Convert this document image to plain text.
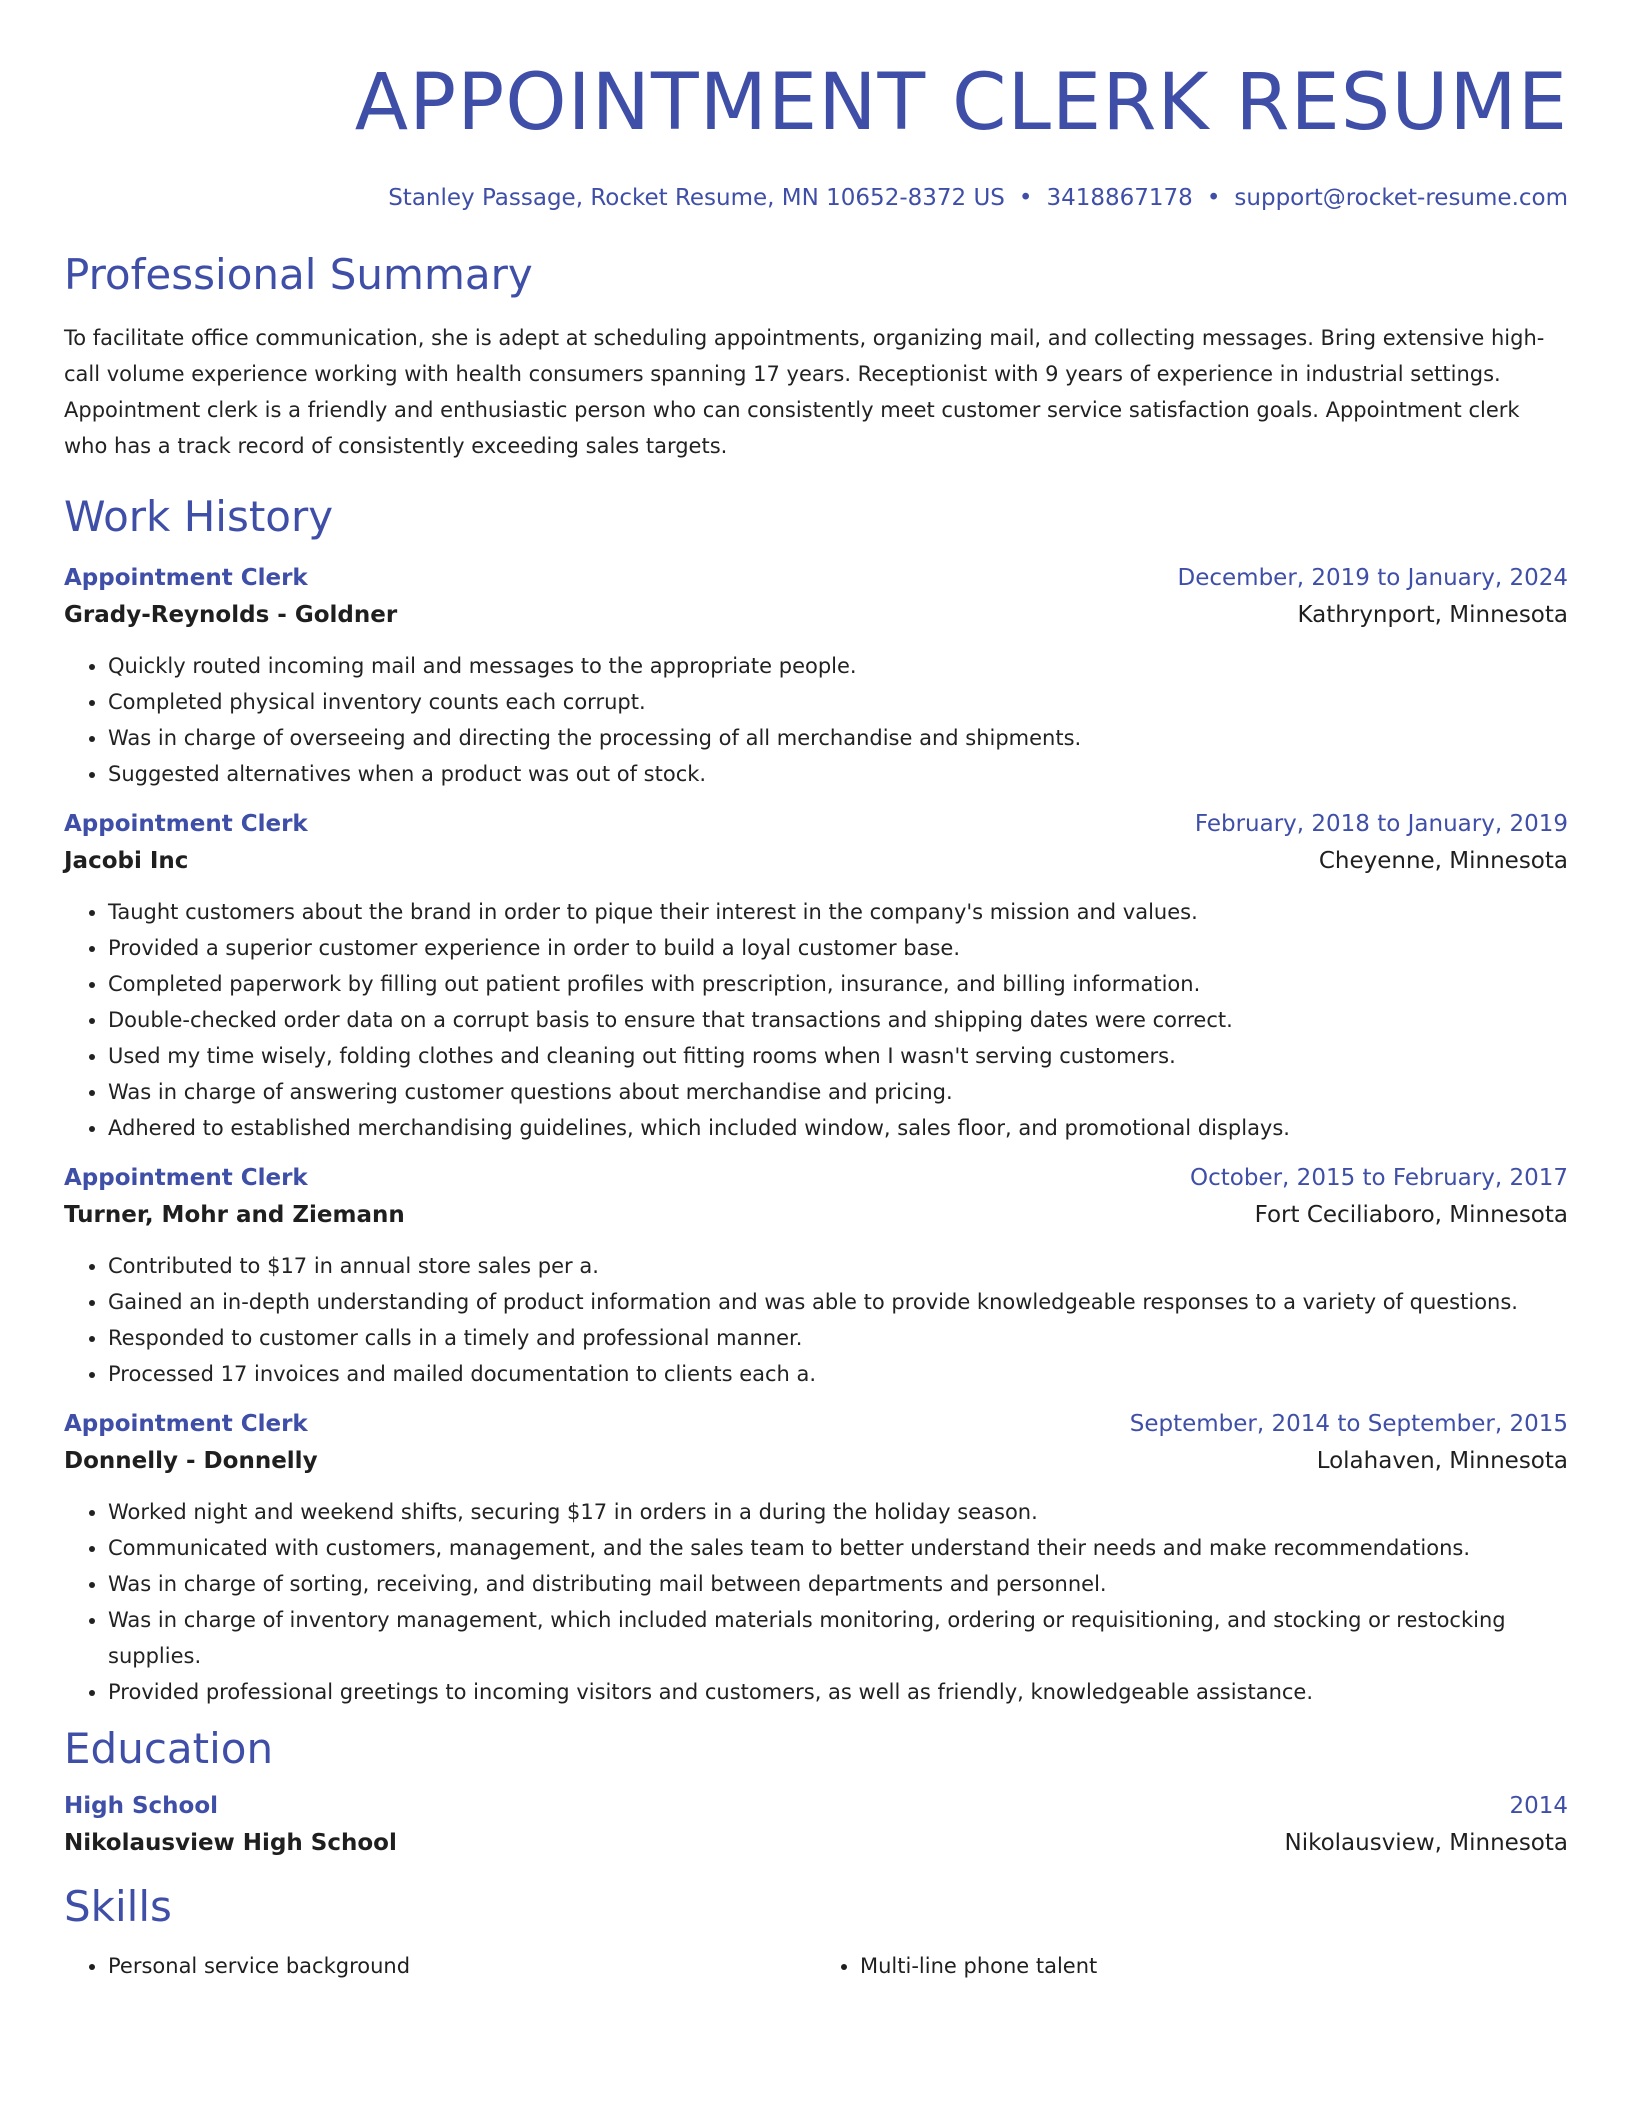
APPOINTMENT CLERK RESUME
Stanley Passage, Rocket Resume, MN 10652-8372 US • 3418867178 • support@rocket-resume.com
Professional Summary

To facilitate office communication, she is adept at scheduling appointments, organizing mail, and collecting messages. Bring extensive high-call volume experience working with health consumers spanning 17 years. Receptionist with 9 years of experience in industrial settings. Appointment clerk is a friendly and enthusiastic person who can consistently meet customer service satisfaction goals. Appointment clerk who has a track record of consistently exceeding sales targets.

Work History
Appointment Clerk	December, 2019 to January, 2024
Grady-Reynolds - Goldner	Kathrynport, Minnesota
• Quickly routed incoming mail and messages to the appropriate people.
• Completed physical inventory counts each corrupt.
• Was in charge of overseeing and directing the processing of all merchandise and shipments.
• Suggested alternatives when a product was out of stock.
Appointment Clerk	February, 2018 to January, 2019
Jacobi Inc	Cheyenne, Minnesota
• Taught customers about the brand in order to pique their interest in the company's mission and values.
• Provided a superior customer experience in order to build a loyal customer base.
• Completed paperwork by filling out patient profiles with prescription, insurance, and billing information.
• Double-checked order data on a corrupt basis to ensure that transactions and shipping dates were correct.
• Used my time wisely, folding clothes and cleaning out fitting rooms when I wasn't serving customers.
• Was in charge of answering customer questions about merchandise and pricing.
• Adhered to established merchandising guidelines, which included window, sales floor, and promotional displays.
Appointment Clerk	October, 2015 to February, 2017
Turner, Mohr and Ziemann	Fort Ceciliaboro, Minnesota
• Contributed to $17 in annual store sales per a.
• Gained an in-depth understanding of product information and was able to provide knowledgeable responses to a variety of questions.
• Responded to customer calls in a timely and professional manner.
• Processed 17 invoices and mailed documentation to clients each a.
Appointment Clerk	September, 2014 to September, 2015
Donnelly - Donnelly	Lolahaven, Minnesota
• Worked night and weekend shifts, securing $17 in orders in a during the holiday season.
• Communicated with customers, management, and the sales team to better understand their needs and make recommendations.
• Was in charge of sorting, receiving, and distributing mail between departments and personnel.
• Was in charge of inventory management, which included materials monitoring, ordering or requisitioning, and stocking or restocking supplies.
• Provided professional greetings to incoming visitors and customers, as well as friendly, knowledgeable assistance.
Education
High School	2014
Nikolausview High School	Nikolausview, Minnesota
Skills
• Personal service background
•	Multi-line phone talent
